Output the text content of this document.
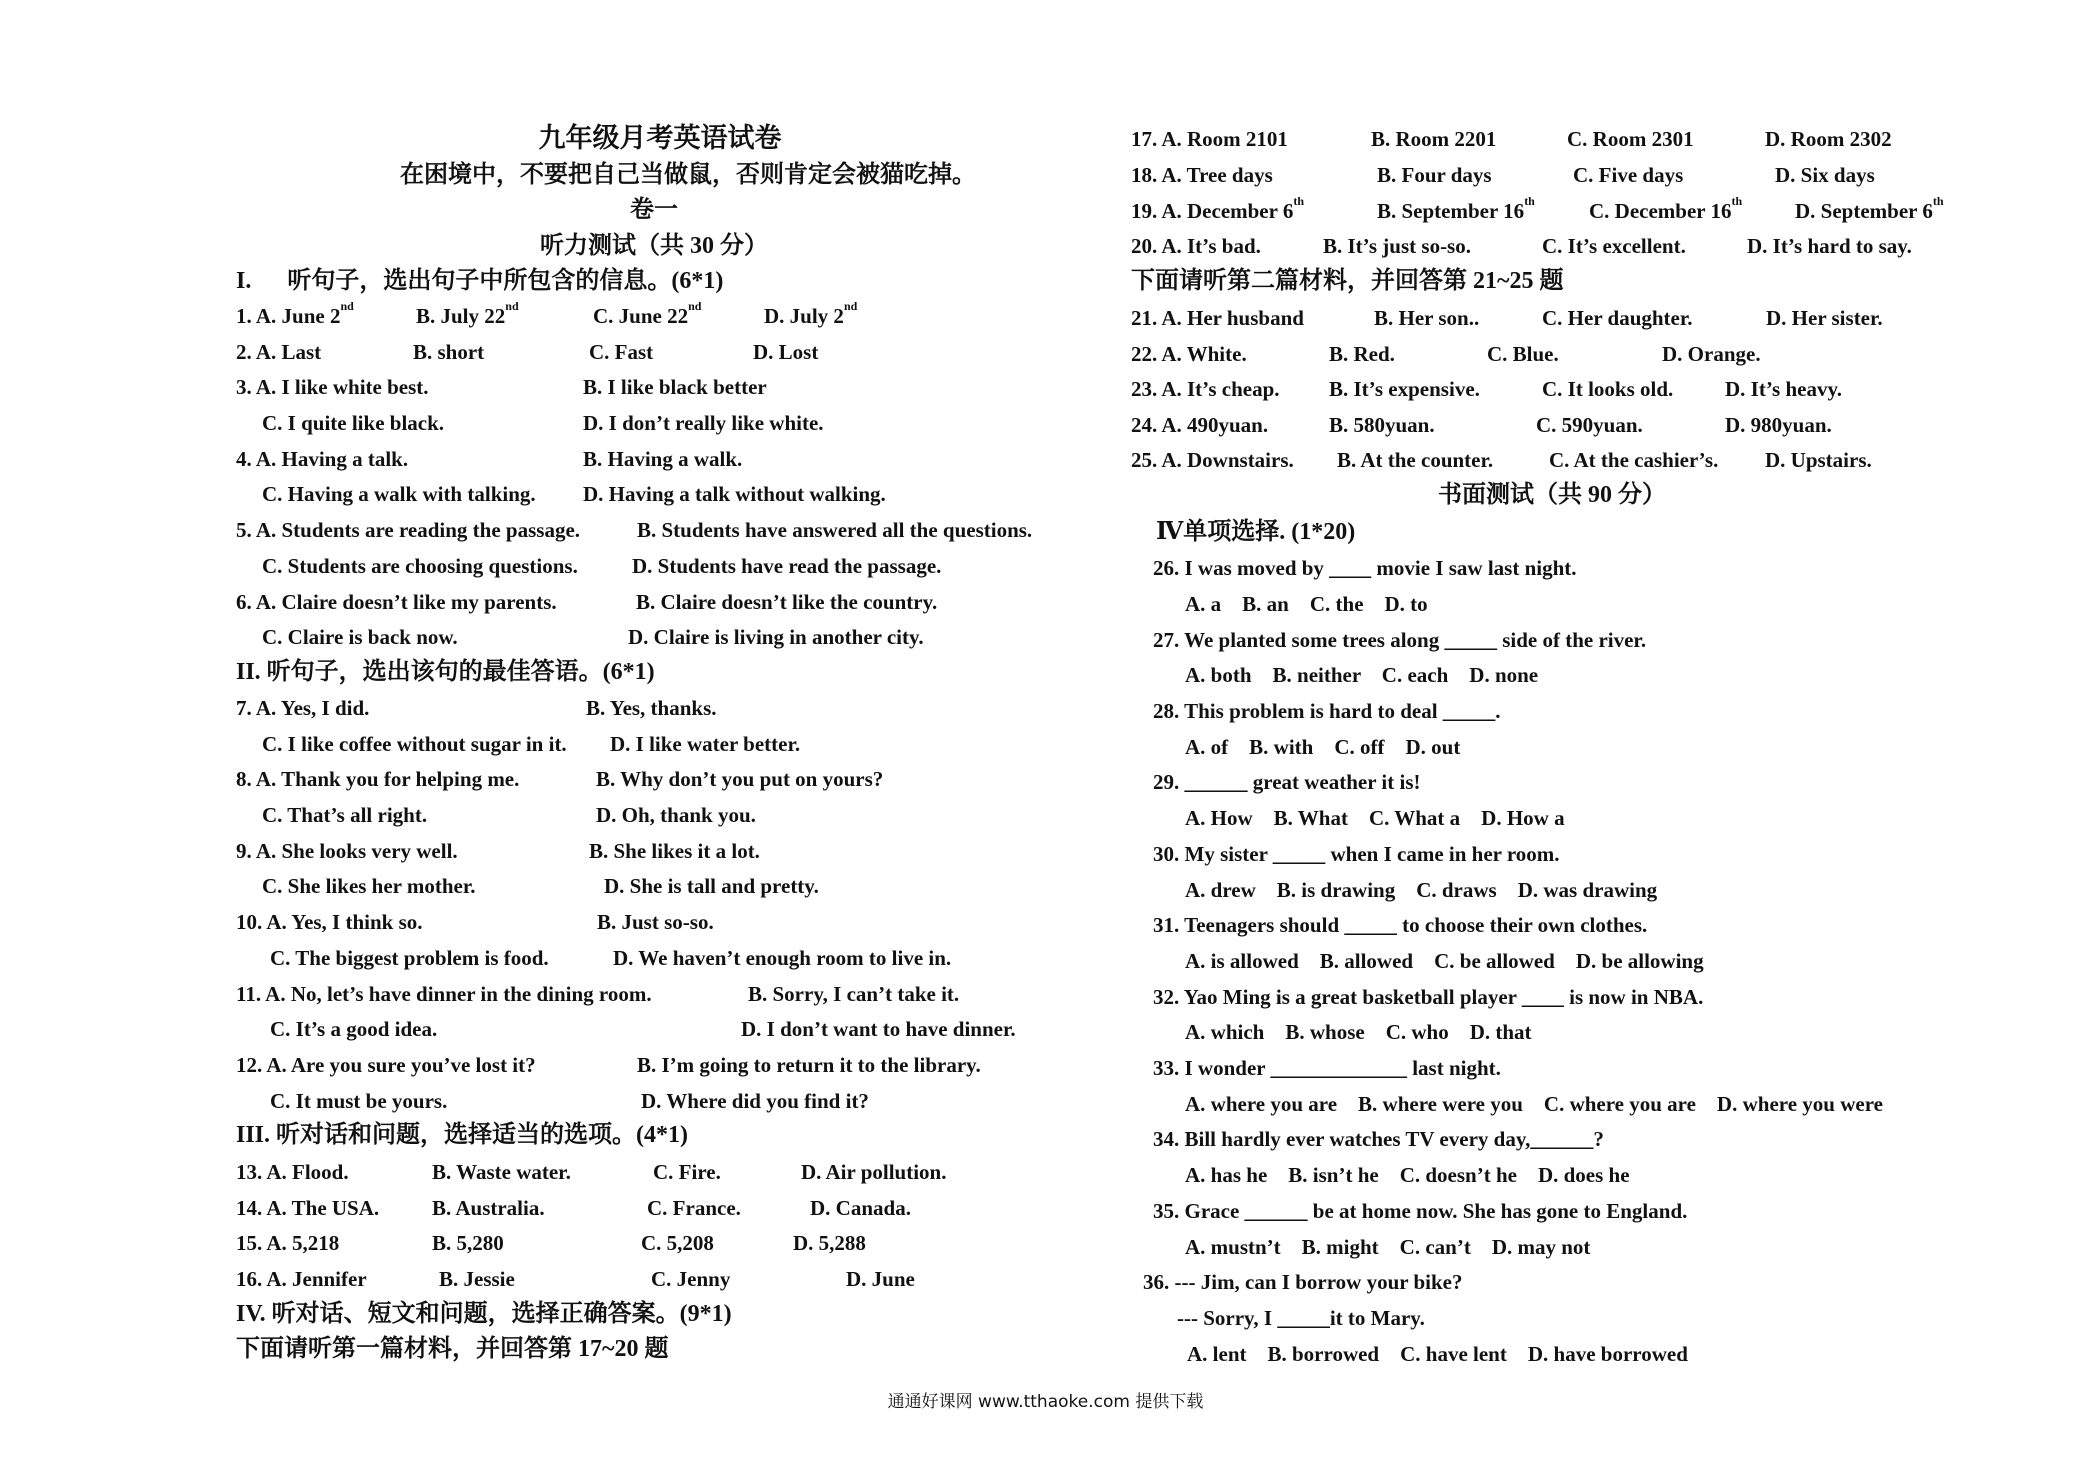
九年级月考英语试卷
在困境中，不要把自己当做鼠，否则肯定会被猫吃掉。
卷一
听力测试（共 30 分）
I.      听句子，选出句子中所包含的信息。(6*1)

1. A. June 2nd

	B. July 22nd

	C. June 22nd

	D. July 2nd

2. A. Last

	B. short

	C. Fast

	D. Lost

3. A. I like white best.

	B. I like black better

C. I quite like black.

	D. I don’t really like white.

4. A. Having a talk.

	B. Having a walk.

C. Having a walk with talking.

D. Having a talk without walking.

5. A. Students are reading the passage.

	B. Students have answered all the questions.

C. Students are choosing questions.

	D. Students have read the passage.

6. A. Claire doesn’t like my parents.

	B. Claire doesn’t like the country.

C. Claire is back now.

	D. Claire is living in another city.

II. 听句子，选出该句的最佳答语。(6*1)

7. A. Yes, I did.

	B. Yes, thanks.

C. I like coffee without sugar in it.

D. I like water better.

8. A. Thank you for helping me.

	B. Why don’t you put on yours?

C. That’s all right.

	D. Oh, thank you.

9. A. She looks very well.

	B. She likes it a lot.

C. She likes her mother.

	D. She is tall and pretty.

10. A. Yes, I think so.

	B. Just so-so.

C. The biggest problem is food.

	D. We haven’t enough room to live in.

11. A. No, let’s have dinner in the dining room.

	B. Sorry, I can’t take it.

C. It’s a good idea.

	D. I don’t want to have dinner.

12. A. Are you sure you’ve lost it?

	B. I’m going to return it to the library.

C. It must be yours.

	D. Where did you find it?

III. 听对话和问题，选择适当的选项。(4*1)

13. A. Flood.

	B. Waste water.

	C. Fire.

	D. Air pollution.

14. A. The USA.

	B. Australia.

	C. France.

	D. Canada.

15. A. 5,218

	B. 5,280

	C. 5,208

	D. 5,288

16. A. Jennifer

	B. Jessie

	C. Jenny

	D. June

IV. 听对话、短文和问题，选择正确答案。(9*1)
下面请听第一篇材料，并回答第 17~20 题

17. A. Room 2101

	B. Room 2201

	C. Room 2301

	D. Room 2302

18. A. Tree days

	B. Four days

	C. Five days

	D. Six days

19. A. December 6th

	B. September 16th

	C. December 16th

	D. September 6th

20. A. It’s bad.

	B. It’s just so-so.

	C. It’s excellent.

	D. It’s hard to say.

下面请听第二篇材料，并回答第 21~25 题

21. A. Her husband

	B. Her son..

	C. Her daughter.

	D. Her sister.

22. A. White.

	B. Red.

	C. Blue.

	D. Orange.

23. A. It’s cheap.

B. It’s expensive.

	C. It looks old.

D. It’s heavy.

24. A. 490yuan.

	B. 580yuan.

	C. 590yuan.

	D. 980yuan.

25. A. Downstairs.

B. At the counter.

	C. At the cashier’s.

D. Upstairs.

书面测试（共 90 分）
Ⅳ单项选择. (1*20)
26. I was moved by ____ movie I saw last night.
A. a    B. an    C. the    D. to
27. We planted some trees along _____ side of the river.
A. both    B. neither    C. each    D. none
28. This problem is hard to deal _____.
A. of    B. with    C. off    D. out
29. ______ great weather it is!
A. How    B. What    C. What a    D. How a
30. My sister _____ when I came in her room.
A. drew    B. is drawing    C. draws    D. was drawing
31. Teenagers should _____ to choose their own clothes.
A. is allowed    B. allowed    C. be allowed    D. be allowing
32. Yao Ming is a great basketball player ____ is now in NBA.
A. which    B. whose    C. who    D. that
33. I wonder _____________ last night.
A. where you are    B. where were you    C. where you are    D. where you were
34. Bill hardly ever watches TV every day,______?
A. has he    B. isn’t he    C. doesn’t he    D. does he
35. Grace ______ be at home now. She has gone to England.
A. mustn’t    B. might    C. can’t    D. may not
36. --- Jim, can I borrow your bike?
--- Sorry, I _____it to Mary.
A. lent    B. borrowed    C. have lent    D. have borrowed
通通好课网 www.tthaoke.com 提供下载
